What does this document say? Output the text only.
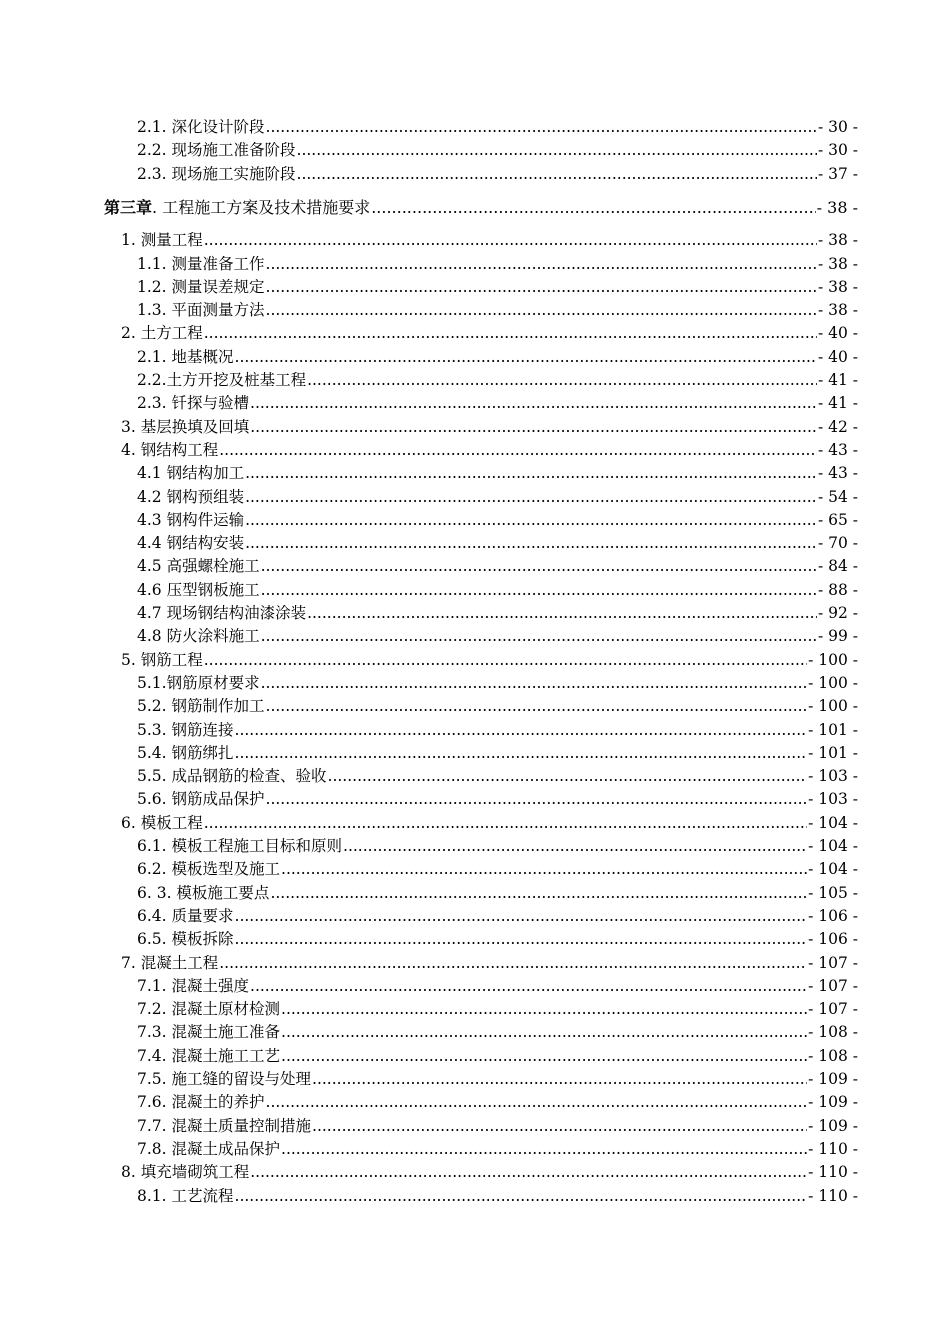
2.1. 深化设计阶段 .....	- 30 -
2.2. 现场施工准备阶段 .....	- 30 -
2.3. 现场施工实施阶段 .....	- 37 -
第三章. 工程施工方案及技术措施要求 .....	- 38 -
1. 测量工程 .....	- 38 -
1.1. 测量准备工作 .....	- 38 -
1.2. 测量误差规定 .....	- 38 -
1.3. 平面测量方法 .....	- 38 -
2. 土方工程 .....	- 40 -
2.1. 地基概况 .....	- 40 -
2.2.土方开挖及桩基工程 .....	- 41 -
2.3. 钎探与验槽 .....	- 41 -
3. 基层换填及回填 .....	- 42 -
4. 钢结构工程 .....	- 43 -
4.1 钢结构加工 .....	- 43 -
4.2 钢构预组装 .....	- 54 -
4.3 钢构件运输 .....	- 65 -
4.4 钢结构安装 .....	- 70 -
4.5 高强螺栓施工 .....	- 84 -
4.6 压型钢板施工 .....	- 88 -
4.7 现场钢结构油漆涂装 .....	- 92 -
4.8 防火涂料施工 .....	- 99 -
5. 钢筋工程 .....	- 100 -
5.1.钢筋原材要求 .....	- 100 -
5.2. 钢筋制作加工 .....	- 100 -
5.3. 钢筋连接 .....	- 101 -
5.4. 钢筋绑扎 .....	- 101 -
5.5. 成品钢筋的检查、验收 .....	- 103 -
5.6. 钢筋成品保护 .....	- 103 -
6. 模板工程 .....	- 104 -
6.1. 模板工程施工目标和原则 .....	- 104 -
6.2. 模板选型及施工 .....	- 104 -
6. 3. 模板施工要点 .....	- 105 -
6.4. 质量要求 .....	- 106 -
6.5. 模板拆除 .....	- 106 -
7. 混凝土工程 .....	- 107 -
7.1. 混凝土强度 .....	- 107 -
7.2. 混凝土原材检测 .....	- 107 -
7.3. 混凝土施工准备 .....	- 108 -
7.4. 混凝土施工工艺 .....	- 108 -
7.5. 施工缝的留设与处理 .....	- 109 -
7.6. 混凝土的养护 .....	- 109 -
7.7. 混凝土质量控制措施 .....	- 109 -
7.8. 混凝土成品保护 .....	- 110 -
8. 填充墙砌筑工程 .....	- 110 -
8.1. 工艺流程 .....	- 110 -
